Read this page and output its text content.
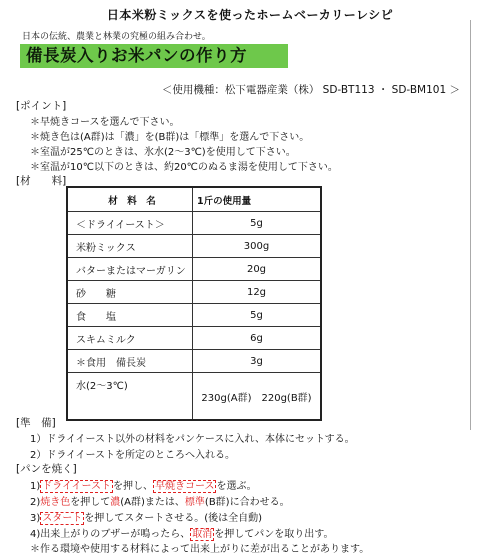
日本米粉ミックスを使ったホームベーカリーレシピ
日本の伝統、農業と林業の究極の組み合わせ。
備長炭入りお米パンの作り方
＜使用機種：松下電器産業（株） SD-BT113 ・ SD-BM101 ＞
[ポイント]
＊早焼きコースを選んで下さい。
＊焼き色は(A群)は「濃」を(B群)は「標準」を選んで下さい。
＊室温が25℃のときは、氷水(2～3℃)を使用して下さい。
＊室温が10℃以下のときは、約20℃のぬるま湯を使用して下さい。
[材　　料]
材　料　名	1斤の使用量
＜ドライイースト＞	5g
米粉ミックス	300g
バターまたはマーガリン	20g
砂　　糖	12g
食　　塩	5g
スキムミルク	6g
＊食用　備長炭	3g
水(2～3℃)	230g(A群)　220g(B群)
[準　備]
1）ドライイースト以外の材料をパンケースに入れ、本体にセットする。
2）ドライイーストを所定のところへ入れる。
[パンを焼く]
1) ドライイースト を押し、 早焼きコース を選ぶ。
2)焼き色を押して濃(A群)または、標準(B群)に合わせる。
3) スタート を押してスタートさせる。(後は全自動)
4)出来上がりのブザーが鳴ったら、 取消 を押してパンを取り出す。
＊作る環境や使用する材料によって出来上がりに差が出ることがあります。
